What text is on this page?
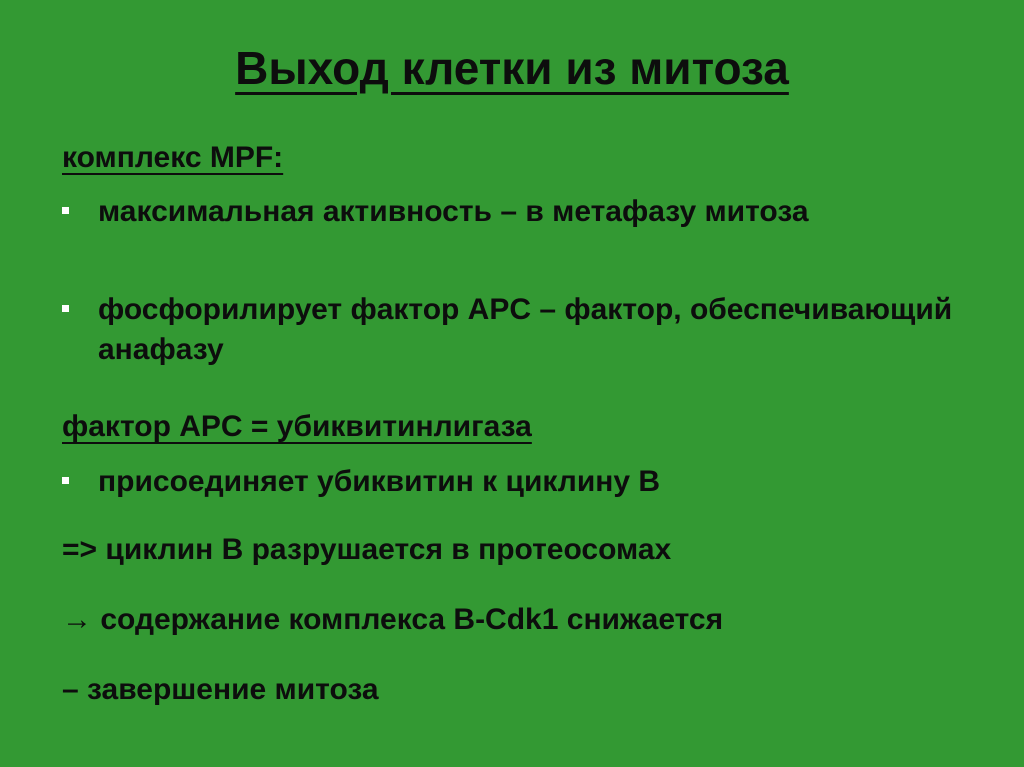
Выход клетки из митоза
комплекс MPF:
максимальная активность – в метафазу митоза
фосфорилирует фактор APC – фактор, обеспечивающий анафазу
фактор APC = убиквитинлигаза
присоединяет убиквитин к циклину B
=> циклин B разрушается в протеосомах
→ содержание комплекса B-Cdk1 снижается
– завершение митоза
